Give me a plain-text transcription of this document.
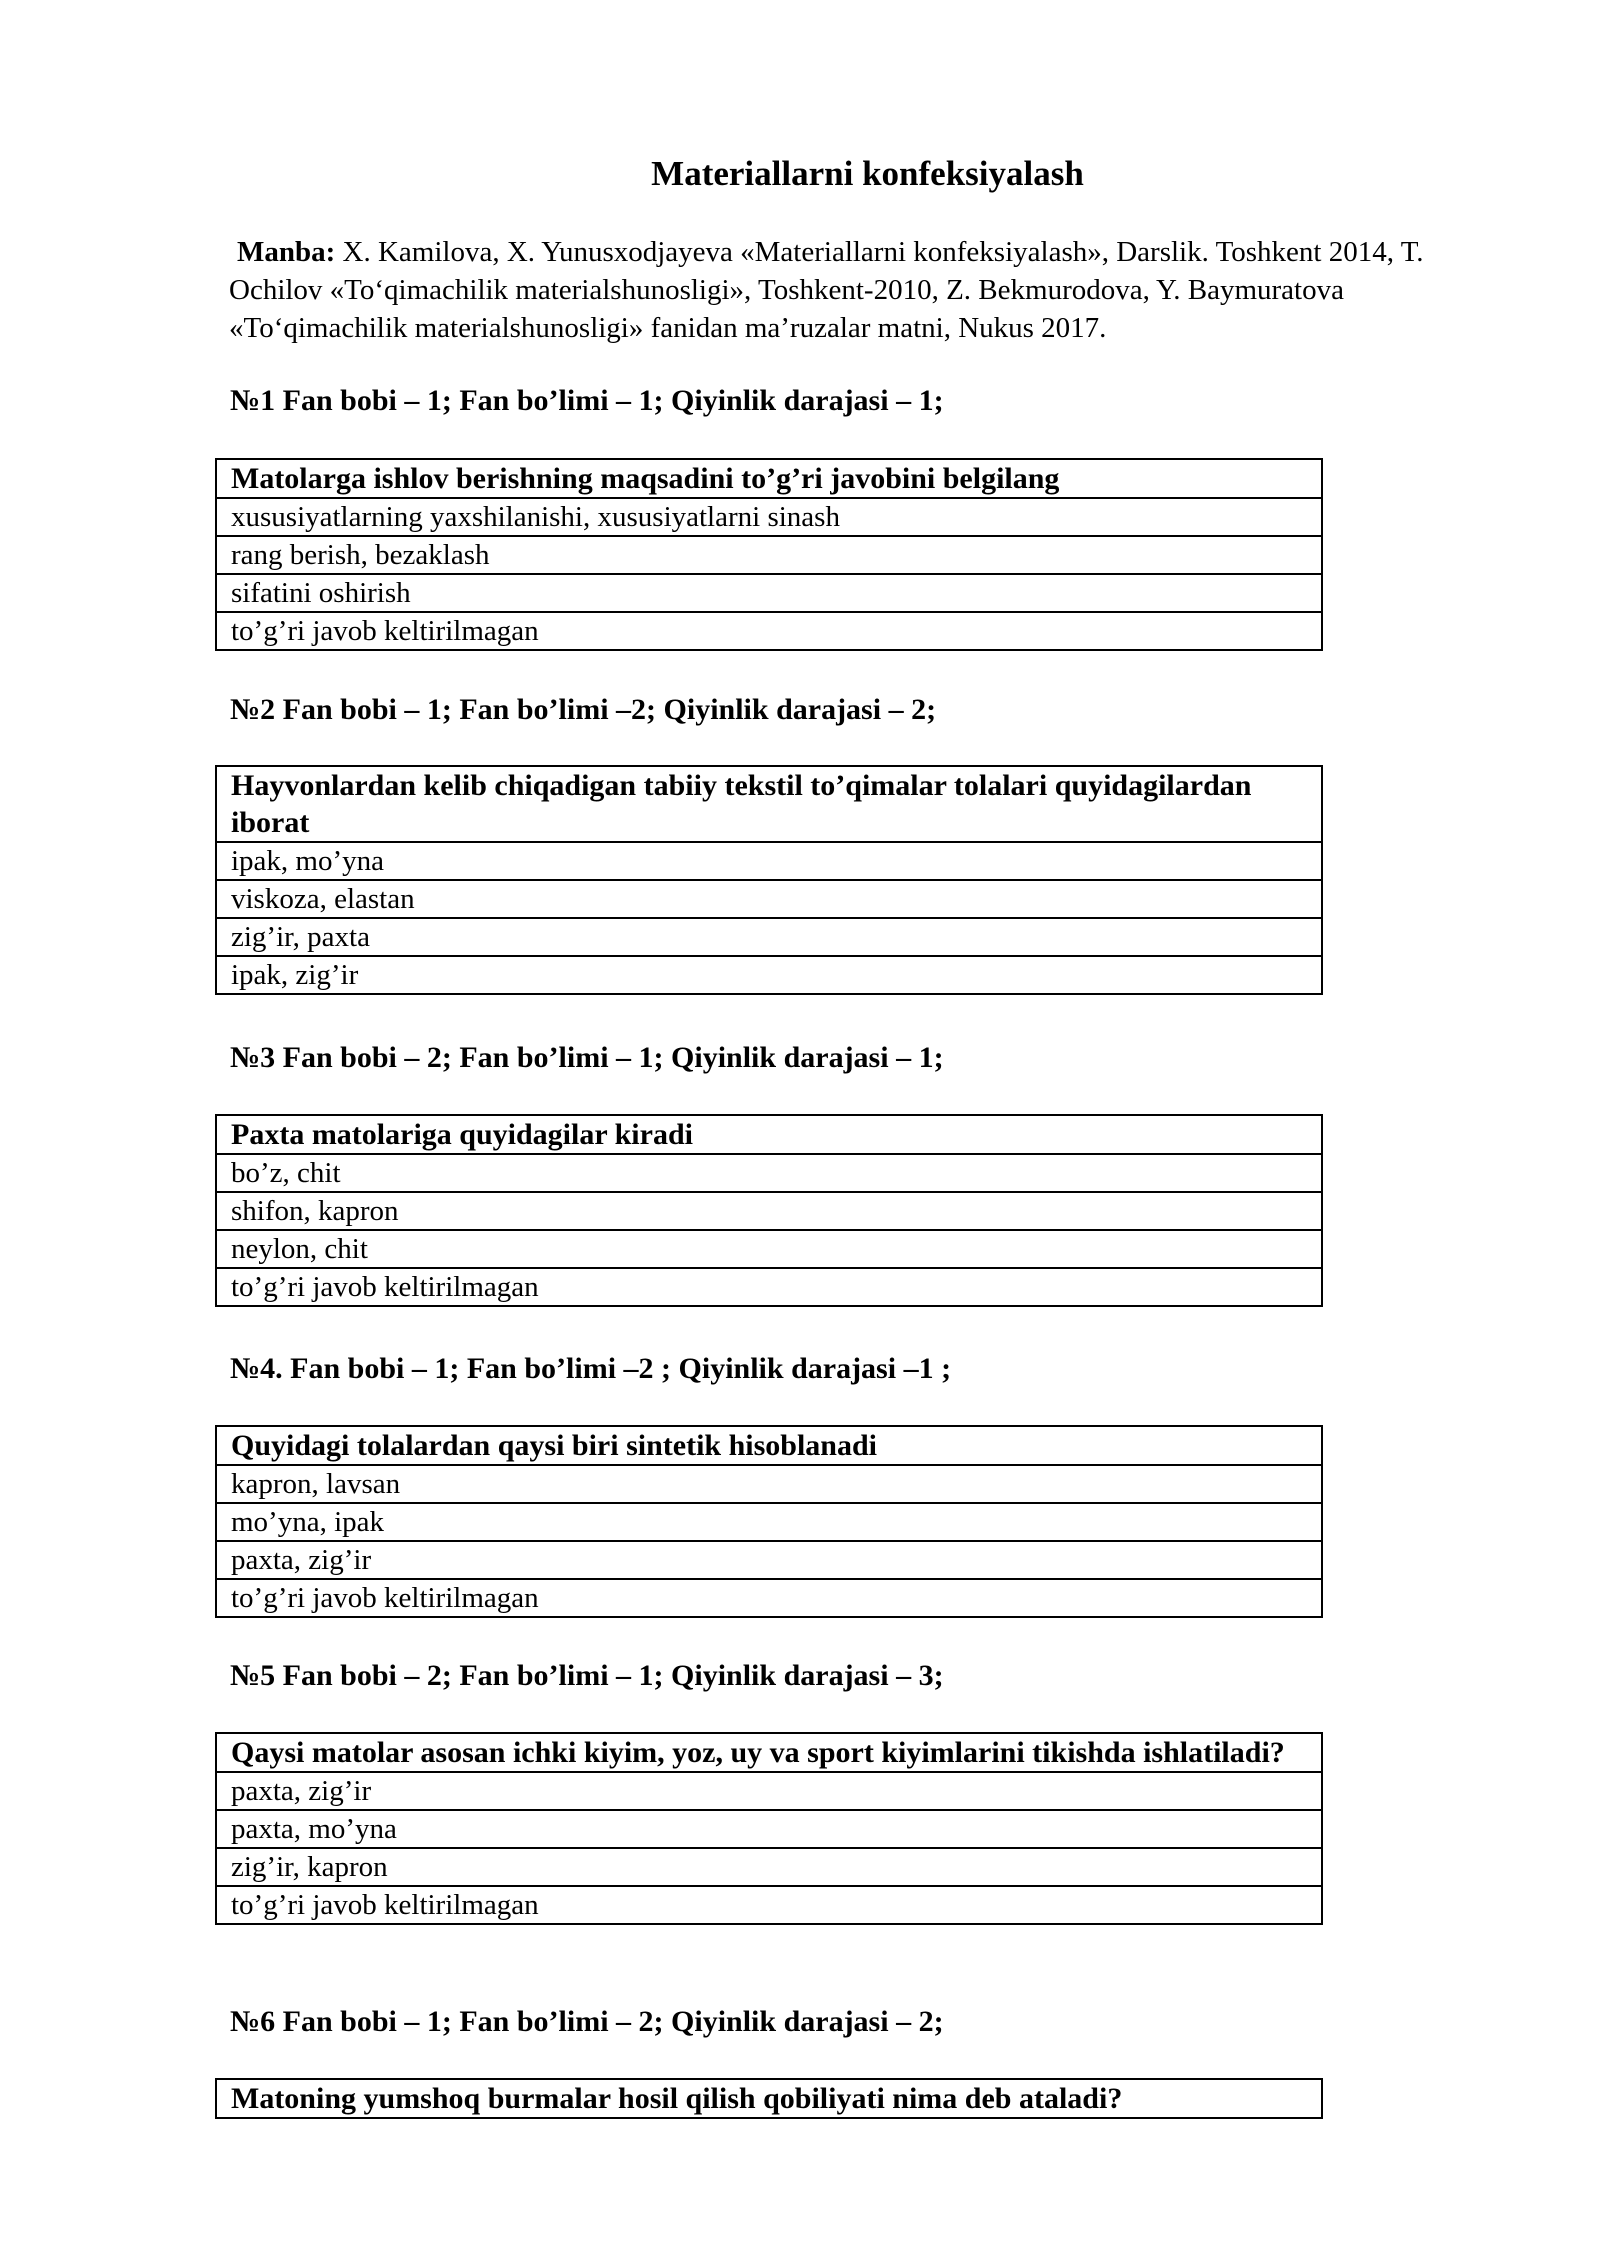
Materiallarni konfeksiyalash
Manba: X. Kamilova, X. Yunusxodjayeva «Materiallarni konfeksiyalash», Darslik. Toshkent 2014, T. Ochilov «To‘qimachilik materialshunosligi», Toshkent-2010, Z. Bekmurodova, Y. Baymuratova «To‘qimachilik materialshunosligi» fanidan ma’ruzalar matni, Nukus 2017.
№1 Fan bobi – 1; Fan bo’limi – 1; Qiyinlik darajasi – 1;
Matolarga ishlov berishning maqsadini to’g’ri javobini belgilang
xususiyatlarning yaxshilanishi, xususiyatlarni sinash
rang berish, bezaklash
sifatini oshirish
to’g’ri javob keltirilmagan
№2 Fan bobi – 1; Fan bo’limi –2; Qiyinlik darajasi – 2;
Hayvonlardan kelib chiqadigan tabiiy tekstil to’qimalar tolalari quyidagilardan iborat
ipak, mo’yna
viskoza, elastan
zig’ir, paxta
ipak, zig’ir
№3 Fan bobi – 2; Fan bo’limi – 1; Qiyinlik darajasi – 1;
Paxta matolariga quyidagilar kiradi
bo’z, chit
shifon, kapron
neylon, chit
to’g’ri javob keltirilmagan
№4. Fan bobi – 1; Fan bo’limi –2 ; Qiyinlik darajasi –1 ;
Quyidagi tolalardan qaysi biri sintetik hisoblanadi
kapron, lavsan
mo’yna, ipak
paxta, zig’ir
to’g’ri javob keltirilmagan
№5 Fan bobi – 2; Fan bo’limi – 1; Qiyinlik darajasi – 3;
Qaysi matolar asosan ichki kiyim, yoz, uy va sport kiyimlarini tikishda ishlatiladi?
paxta, zig’ir
paxta, mo’yna
zig’ir, kapron
to’g’ri javob keltirilmagan
№6 Fan bobi – 1; Fan bo’limi – 2; Qiyinlik darajasi – 2;
Matoning yumshoq burmalar hosil qilish qobiliyati nima deb ataladi?
